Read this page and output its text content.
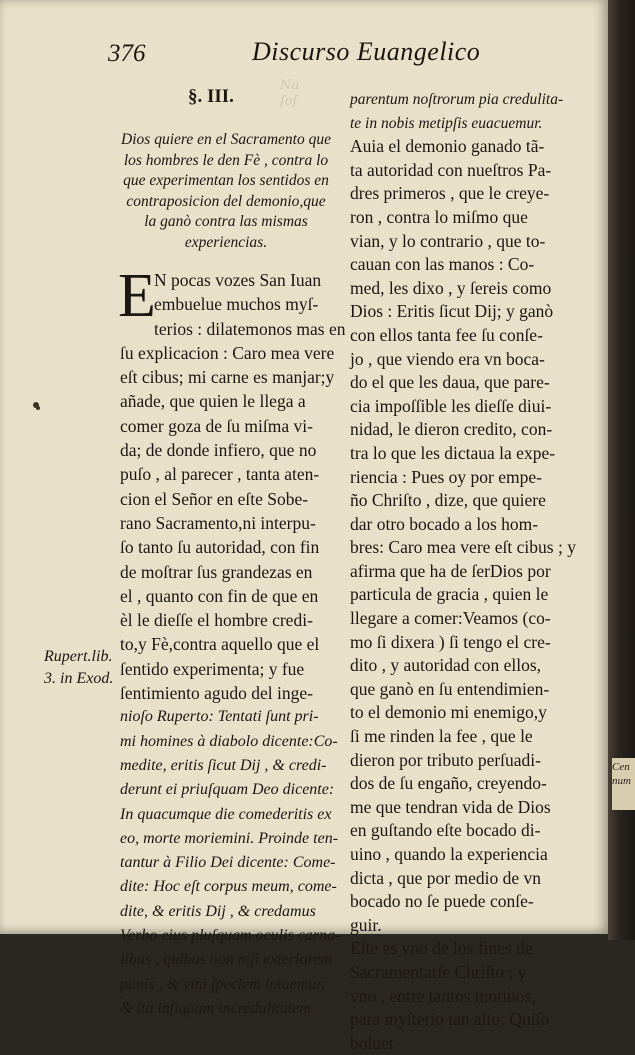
Cen
num
Na
ſoſ
376	Discurso Euangelico
§. III.
Dios quiere en el Sacramento que
los hombres le den Fè , contra lo
que experimentan los sentidos en
contraposicion del demonio,que
la ganò contra las mismas
experiencias.
E
N pocas vozes San Iuan
embuelue muchos myſ-
terios : dilatemonos mas en
ſu explicacion : Caro mea vere
eſt cibus; mi carne es manjar;y
añade, que quien le llega a
comer goza de ſu miſma vi-
da; de donde infiero, que no
puſo , al parecer , tanta aten-
cion el Señor en eſte Sobe-
rano Sacramento,ni interpu-
ſo tanto ſu autoridad, con fin
de moſtrar ſus grandezas en
el , quanto con fin de que en
èl le dieſſe el hombre credi-
to,y Fè,contra aquello que el
ſentido experimenta; y fue
ſentimiento agudo del inge-
nioſo Ruperto: Tentati ſunt pri-
mi homines à diabolo dicente:Co-
medite, eritis ſicut Dij , & credi-
derunt ei priuſquam Deo dicente:
In quacumque die comederitis ex
eo, morte moriemini. Proinde ten-
tantur à Filio Dei dicente: Come-
dite: Hoc eſt corpus meum, come-
dite, & eritis Dij , & credamus
Verbo eius pluſquam oculis carna-
libus , quibus non niſi exteriorem
panis , & vini ſpeciem intuemur,
& ita inſiquam incredulitatem
Rupert.lib.
3. in Exod.
parentum noſtrorum pia credulita-
te in nobis metipſis euacuemur.
Auia el demonio ganado tã-
ta autoridad con nueſtros Pa-
dres primeros , que le creye-
ron , contra lo miſmo que
vian, y lo contrario , que to-
cauan con las manos : Co-
med, les dixo , y ſereis como
Dios : Eritis ſicut Dij; y ganò
con ellos tanta fee ſu conſe-
jo , que viendo era vn boca-
do el que les daua, que pare-
cia impoſſible les dieſſe diui-
nidad, le dieron credito, con-
tra lo que les dictaua la expe-
riencia : Pues oy por empe-
ño Chriſto , dize, que quiere
dar otro bocado a los hom-
bres: Caro mea vere eſt cibus ; y
afirma que ha de ſerDios por
particula de gracia , quien le
llegare a comer:Veamos (co-
mo ſi dixera ) ſi tengo el cre-
dito , y autoridad con ellos,
que ganò en ſu entendimien-
to el demonio mi enemigo,y
ſi me rinden la fee , que le
dieron por tributo perſuadi-
dos de ſu engaño, creyendo-
me que tendran vida de Dios
en guſtando eſte bocado di-
uino , quando la experiencia
dicta , que por medio de vn
bocado no ſe puede conſe-
guir.
Eſte es vno de los fines de
Sacramentarſe Chriſto ; y
vno , entre tantos motiuos,
para myſterio tan alto: Quiſo
boluer
